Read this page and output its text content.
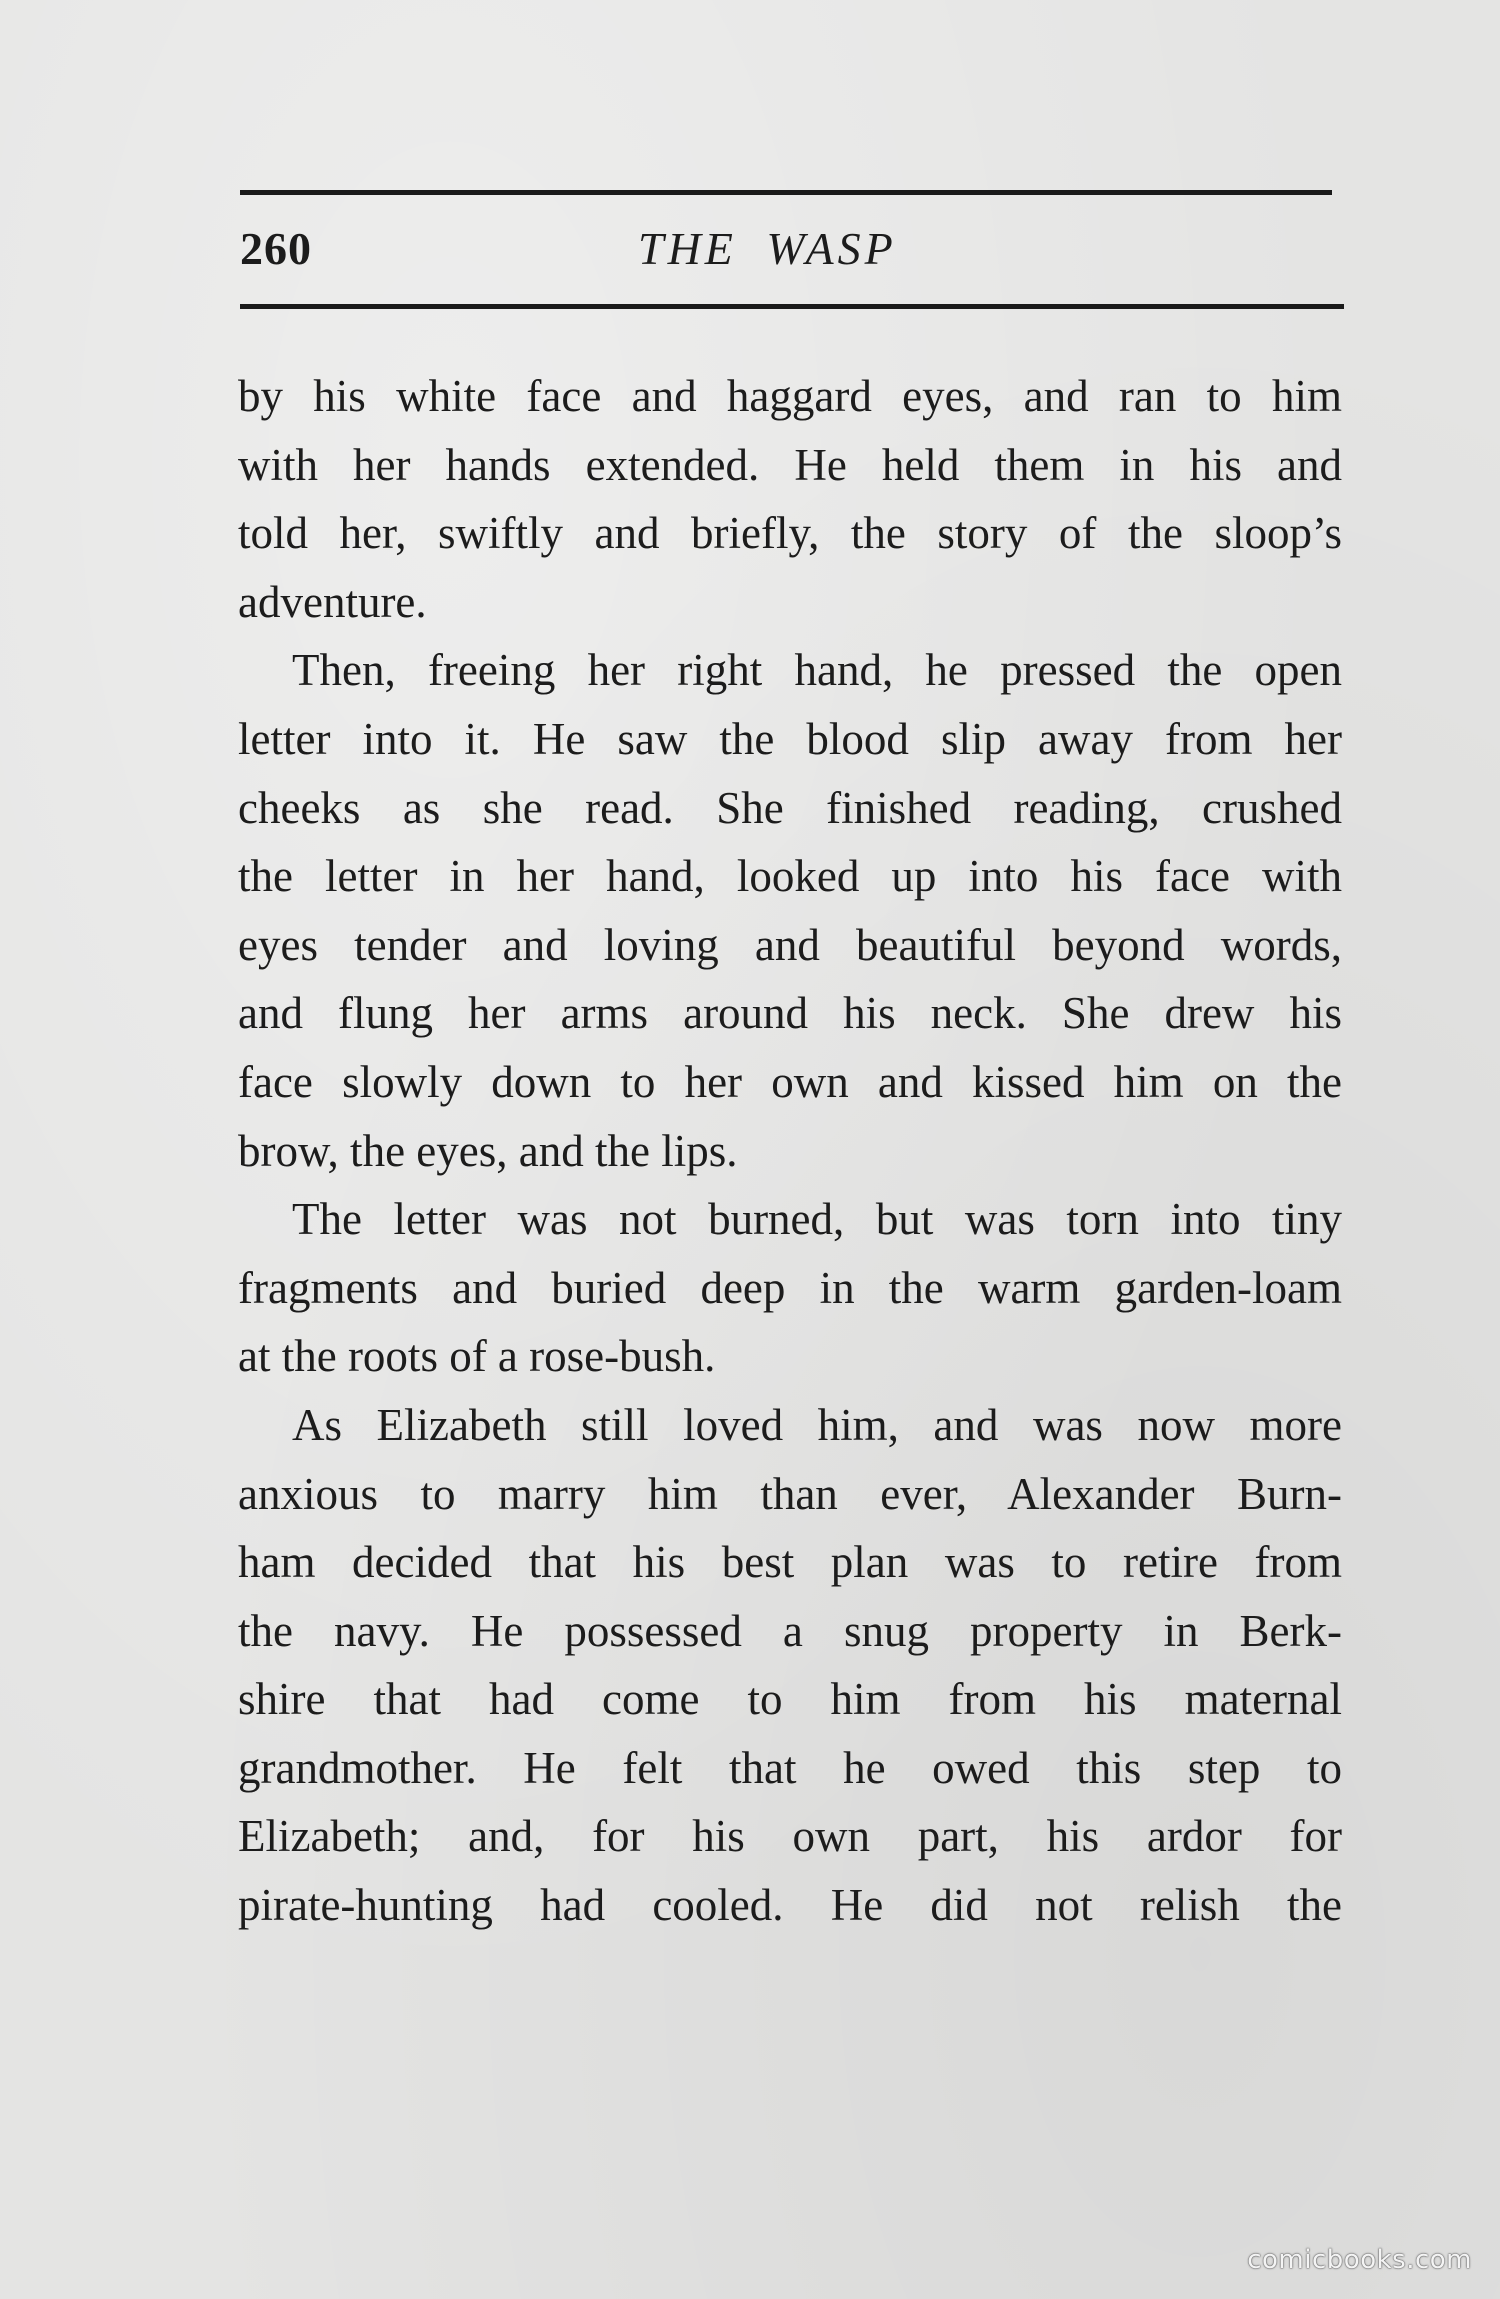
260	THE WASP
by his white face and haggard eyes, and ran to him
with her hands extended. He held them in his and
told her, swiftly and briefly, the story of the sloop’s
adventure.
Then, freeing her right hand, he pressed the open
letter into it. He saw the blood slip away from her
cheeks as she read. She finished reading, crushed
the letter in her hand, looked up into his face with
eyes tender and loving and beautiful beyond words,
and flung her arms around his neck. She drew his
face slowly down to her own and kissed him on the
brow, the eyes, and the lips.
The letter was not burned, but was torn into tiny
fragments and buried deep in the warm garden-loam
at the roots of a rose-bush.
As Elizabeth still loved him, and was now more
anxious to marry him than ever, Alexander Burn-
ham decided that his best plan was to retire from
the navy. He possessed a snug property in Berk-
shire that had come to him from his maternal
grandmother. He felt that he owed this step to
Elizabeth; and, for his own part, his ardor for
pirate-hunting had cooled. He did not relish the
comicbooks.com
